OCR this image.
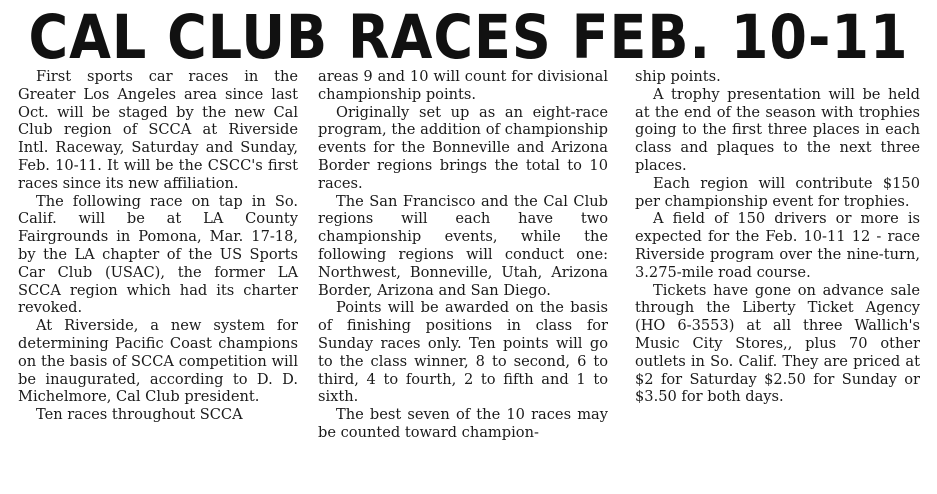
CAL CLUB RACES FEB. 10-11

First sports car races in the Greater Los Angeles area since last Oct. will be staged by the new Cal Club region of SCCA at Riverside Intl. Raceway, Saturday and Sunday, Feb. 10-11. It will be the CSCC's first races since its new affiliation.

The following race on tap in So. Calif. will be at LA County Fairgrounds in Pomona, Mar. 17-18, by the LA chapter of the US Sports Car Club (USAC), the former LA SCCA region which had its charter revoked.

At Riverside, a new system for determining Pacific Coast champions on the basis of SCCA competition will be inaugurated, according to D. D. Michelmore, Cal Club president.

Ten races throughout SCCA

areas 9 and 10 will count for divisional championship points.

Originally set up as an eight-race program, the addition of championship events for the Bonneville and Arizona Border regions brings the total to 10 races.

The San Francisco and the Cal Club regions will each have two championship events, while the following regions will conduct one: Northwest, Bonneville, Utah, Arizona Border, Arizona and San Diego.

Points will be awarded on the basis of finishing positions in class for Sunday races only. Ten points will go to the class winner, 8 to second, 6 to third, 4 to fourth, 2 to fifth and 1 to sixth.

The best seven of the 10 races may be counted toward champion-

ship points.

A trophy presentation will be held at the end of the season with trophies going to the first three places in each class and plaques to the next three places.

Each region will contribute $150 per championship event for trophies.

A field of 150 drivers or more is expected for the Feb. 10-11 12 - race Riverside program over the nine-turn, 3.275-mile road course.

Tickets have gone on advance sale through the Liberty Ticket Agency (HO 6-3553) at all three Wallich's Music City Stores,, plus 70 other outlets in So. Calif. They are priced at $2 for Saturday $2.50 for Sunday or $3.50 for both days.
